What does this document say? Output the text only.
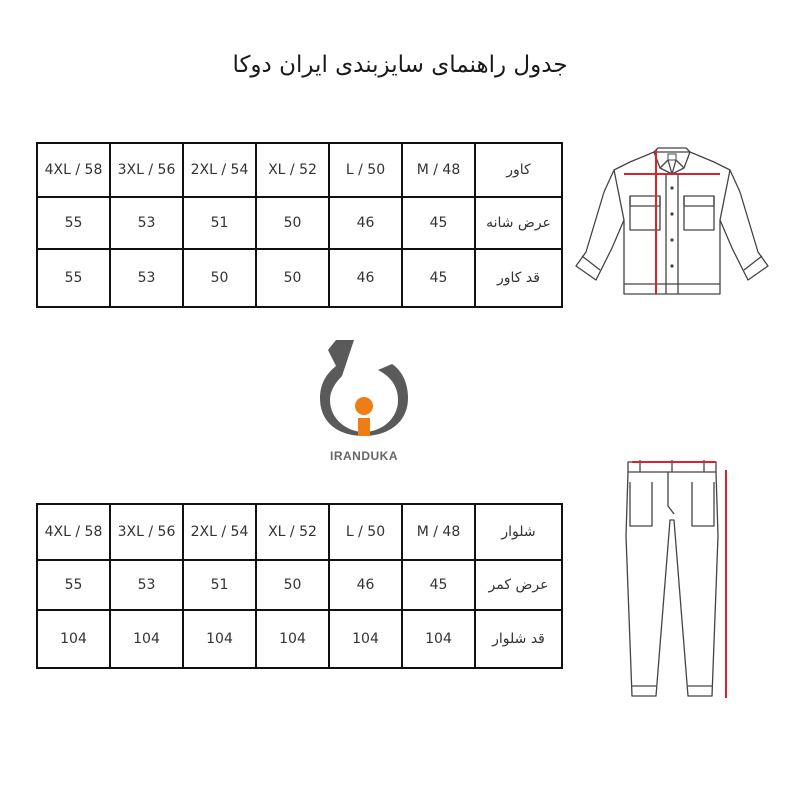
جدول راهنمای سایزبندی ایران دوکا
4XL / 58	3XL / 56	2XL / 54	XL / 52	L / 50	M / 48	کاور
55	53	51	50	46	45	عرض شانه
55	53	50	50	46	45	قد کاور
IRANDUKA
4XL / 58	3XL / 56	2XL / 54	XL / 52	L / 50	M / 48	شلوار
55	53	51	50	46	45	عرض کمر
104	104	104	104	104	104	قد شلوار
